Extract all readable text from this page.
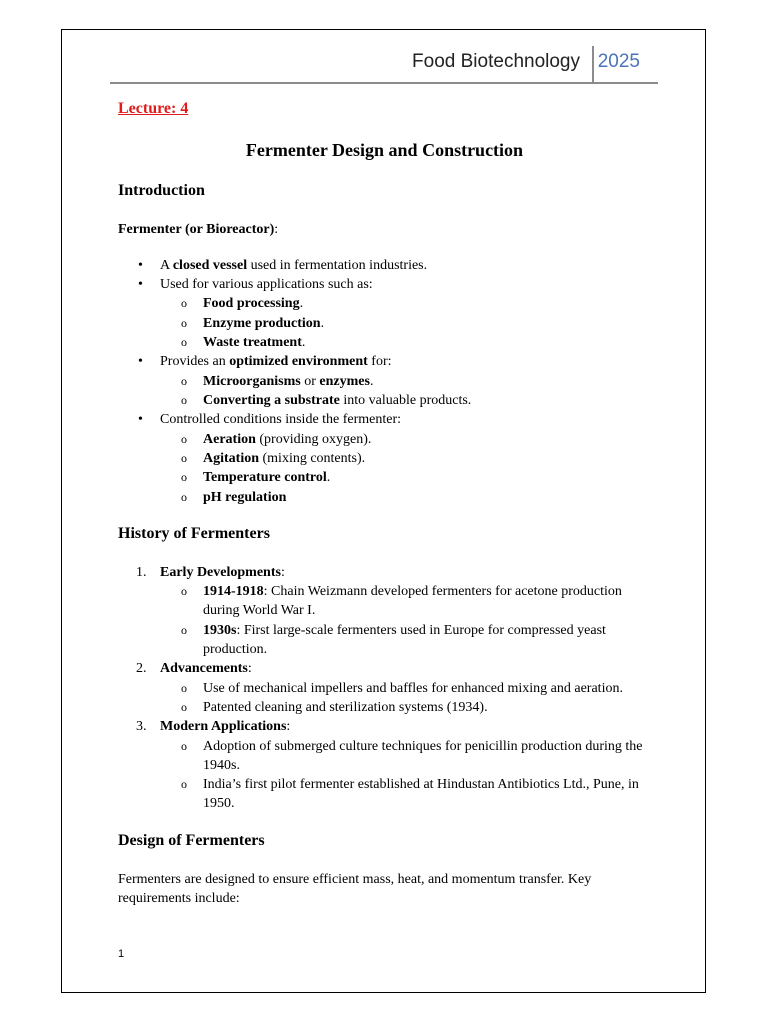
Food Biotechnology 2025
Lecture: 4
Fermenter Design and Construction
Introduction
Fermenter (or Bioreactor):
• A closed vessel used in fermentation industries.
• Used for various applications such as:
o Food processing.
o Enzyme production.
o Waste treatment.
• Provides an optimized environment for:
o Microorganisms or enzymes.
o Converting a substrate into valuable products.
• Controlled conditions inside the fermenter:
o Aeration (providing oxygen).
o Agitation (mixing contents).
o Temperature control.
o pH regulation
History of Fermenters
1. Early Developments:
o 1914-1918: Chain Weizmann developed fermenters for acetone production during World War I.
o 1930s: First large-scale fermenters used in Europe for compressed yeast production.
2. Advancements:
o Use of mechanical impellers and baffles for enhanced mixing and aeration.
o Patented cleaning and sterilization systems (1934).
3. Modern Applications:
o Adoption of submerged culture techniques for penicillin production during the 1940s.
o India’s first pilot fermenter established at Hindustan Antibiotics Ltd., Pune, in 1950.
Design of Fermenters
Fermenters are designed to ensure efficient mass, heat, and momentum transfer. Key requirements include:
1
